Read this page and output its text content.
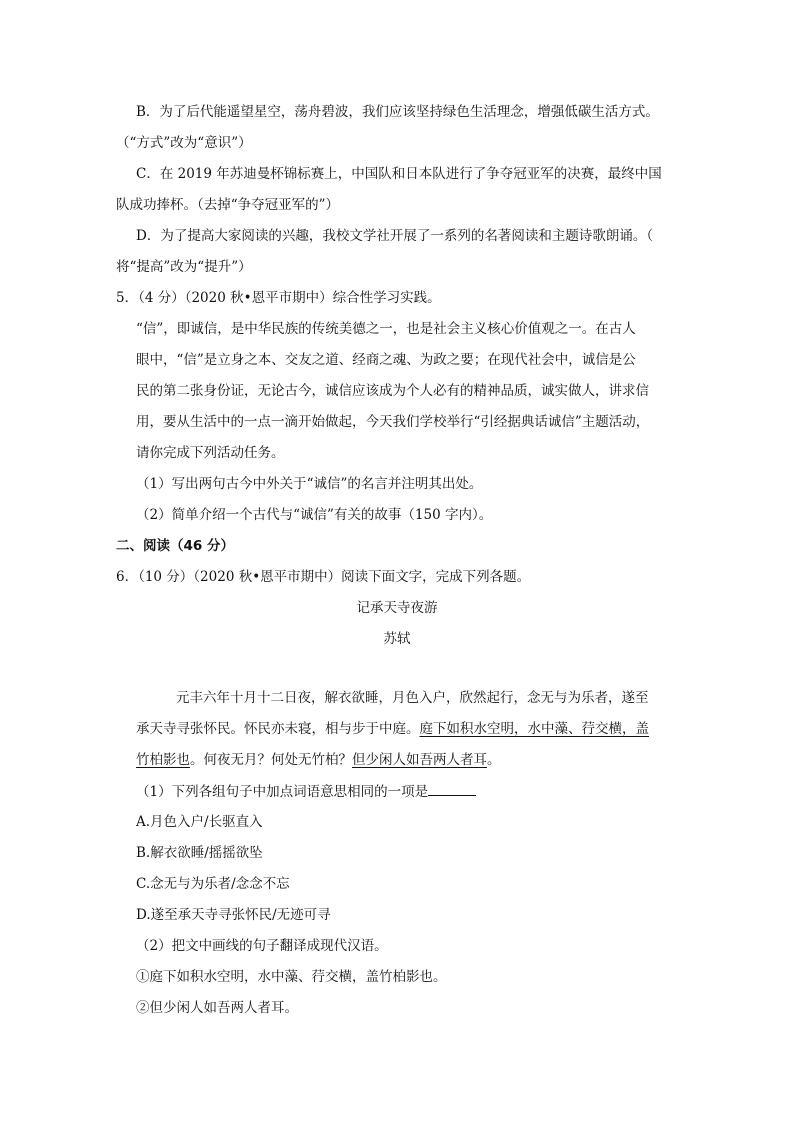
B．为了后代能遥望星空，荡舟碧波，我们应该坚持绿色生活理念，增强低碳生活方式。
（“方式”改为“意识”）
C．在 2019 年苏迪曼杯锦标赛上，中国队和日本队进行了争夺冠亚军的决赛，最终中国
队成功捧杯。（去掉“争夺冠亚军的”）
D．为了提高大家阅读的兴趣，我校文学社开展了一系列的名著阅读和主题诗歌朗诵。（
将“提高”改为“提升”）
5．（4 分）（2020 秋•恩平市期中）综合性学习实践。
“信”，即诚信，是中华民族的传统美德之一，也是社会主义核心价值观之一。在古人
眼中，“信”是立身之本、交友之道、经商之魂、为政之要；在现代社会中，诚信是公
民的第二张身份证，无论古今，诚信应该成为个人必有的精神品质，诚实做人，讲求信
用，要从生活中的一点一滴开始做起，今天我们学校举行“引经据典话诚信”主题活动，
请你完成下列活动任务。
（1）写出两句古今中外关于“诚信”的名言并注明其出处。
（2）简单介绍一个古代与“诚信”有关的故事（150 字内）。
二、阅读（46 分）
6．（10 分）（2020 秋•恩平市期中）阅读下面文字，完成下列各题。
记承天寺夜游
苏轼
元丰六年十月十二日夜，解衣欲睡，月色入户，欣然起行，念无与为乐者，遂至
承天寺寻张怀民。怀民亦未寝，相与步于中庭。庭下如积水空明，水中藻、荇交横，盖
竹柏影也。何夜无月？何处无竹柏？但少闲人如吾两人者耳。
（1）下列各组句子中加点词语意思相同的一项是
A.月色入户/长驱直入
B.解衣欲睡/摇摇欲坠
C.念无与为乐者/念念不忘
D.遂至承天寺寻张怀民/无迹可寻
（2）把文中画线的句子翻译成现代汉语。
①庭下如积水空明，水中藻、荇交横，盖竹柏影也。
②但少闲人如吾两人者耳。
